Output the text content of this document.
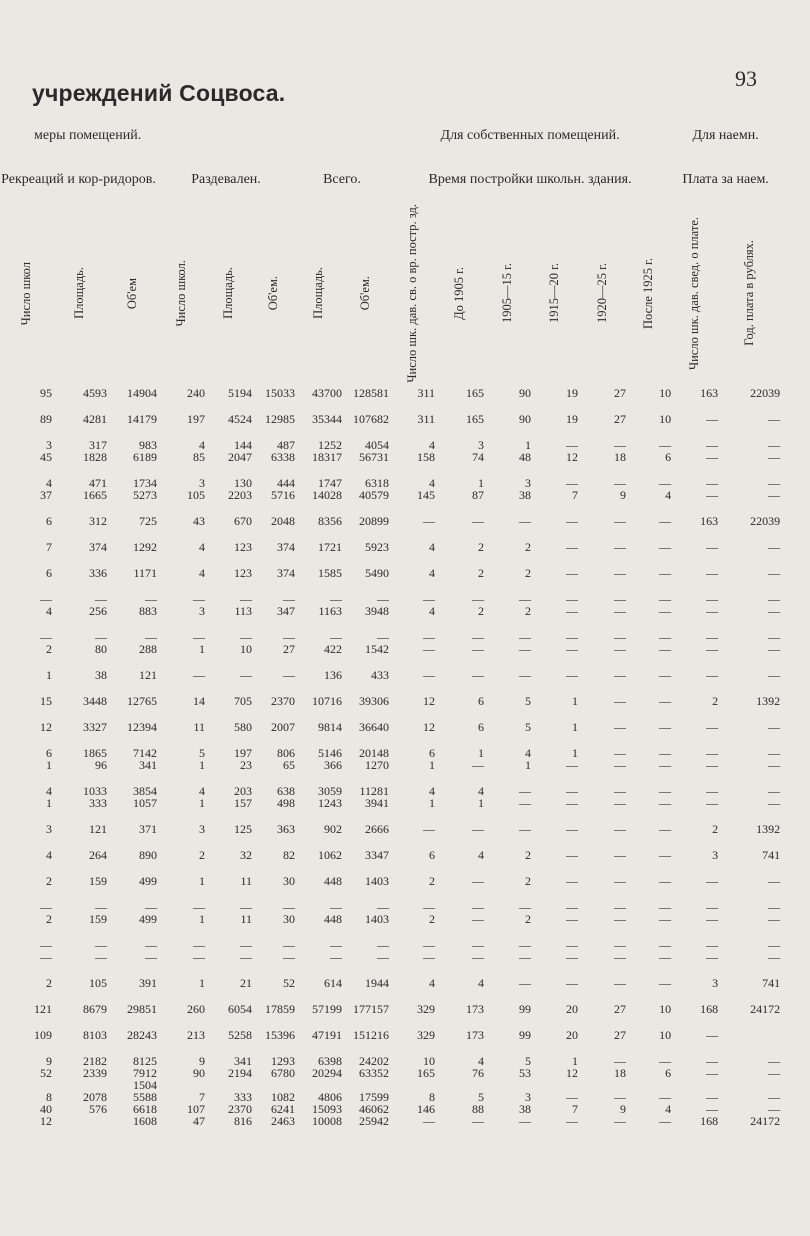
учреждений Соцвоса.
93
меры помещений.								Для собственных помещений.						Для наемн.	
Рекреаций и кор-ридоров.			Раздевален.			Всего.		Время постройки школьн. здания.						Плата за наем.	
Число школ	Площадь.	Об'ем	Число школ.	Площадь.	Об'ем.	Площадь.	Об'ем.	Число шк. дав. св. о вр. постр. зд.	До 1905 г.	1905—15 г.	1915—20 г.	1920—25 г.	После 1925 г.	Число шк. дав. свед. о плате.	Год. плата в рублях.
95	4593	14904	240	5194	15033	43700	128581	311	165	90	19	27	10	163	22039

89	4281	14179	197	4524	12985	35344	107682	311	165	90	19	27	10	—	—

3	317	983	4	144	487	1252	4054	4	3	1	—	—	—	—	—
45	1828	6189	85	2047	6338	18317	56731	158	74	48	12	18	6	—	—

4	471	1734	3	130	444	1747	6318	4	1	3	—	—	—	—	—
37	1665	5273	105	2203	5716	14028	40579	145	87	38	7	9	4	—	—

6	312	725	43	670	2048	8356	20899	—	—	—	—	—	—	163	22039

7	374	1292	4	123	374	1721	5923	4	2	2	—	—	—	—	—

6	336	1171	4	123	374	1585	5490	4	2	2	—	—	—	—	—

—	—	—	—	—	—	—	—	—	—	—	—	—	—	—	—
4	256	883	3	113	347	1163	3948	4	2	2	—	—	—	—	—

—	—	—	—	—	—	—	—	—	—	—	—	—	—	—	—
2	80	288	1	10	27	422	1542	—	—	—	—	—	—	—	—

1	38	121	—	—	—	136	433	—	—	—	—	—	—	—	—

15	3448	12765	14	705	2370	10716	39306	12	6	5	1	—	—	2	1392

12	3327	12394	11	580	2007	9814	36640	12	6	5	1	—	—	—	—

6	1865	7142	5	197	806	5146	20148	6	1	4	1	—	—	—	—
1	96	341	1	23	65	366	1270	1	—	1	—	—	—	—	—

4	1033	3854	4	203	638	3059	11281	4	4	—	—	—	—	—	—
1	333	1057	1	157	498	1243	3941	1	1	—	—	—	—	—	—

3	121	371	3	125	363	902	2666	—	—	—	—	—	—	2	1392

4	264	890	2	32	82	1062	3347	6	4	2	—	—	—	3	741

2	159	499	1	11	30	448	1403	2	—	2	—	—	—	—	—

—	—	—	—	—	—	—	—	—	—	—	—	—	—	—	—
2	159	499	1	11	30	448	1403	2	—	2	—	—	—	—	—

—	—	—	—	—	—	—	—	—	—	—	—	—	—	—	—
—	—	—	—	—	—	—	—	—	—	—	—	—	—	—	—

2	105	391	1	21	52	614	1944	4	4	—	—	—	—	3	741

121	8679	29851	260	6054	17859	57199	177157	329	173	99	20	27	10	168	24172

109	8103	28243	213	5258	15396	47191	151216	329	173	99	20	27	10	—	

9	2182	8125	9	341	1293	6398	24202	10	4	5	1	—	—	—	—
52	2339	7912	90	2194	6780	20294	63352	165	76	53	12	18	6	—	—
		1504													
8	2078	5588	7	333	1082	4806	17599	8	5	3	—	—	—	—	—
40	576	6618	107	2370	6241	15093	46062	146	88	38	7	9	4	—	—
12		1608	47	816	2463	10008	25942	—	—	—	—	—	—	168	24172
